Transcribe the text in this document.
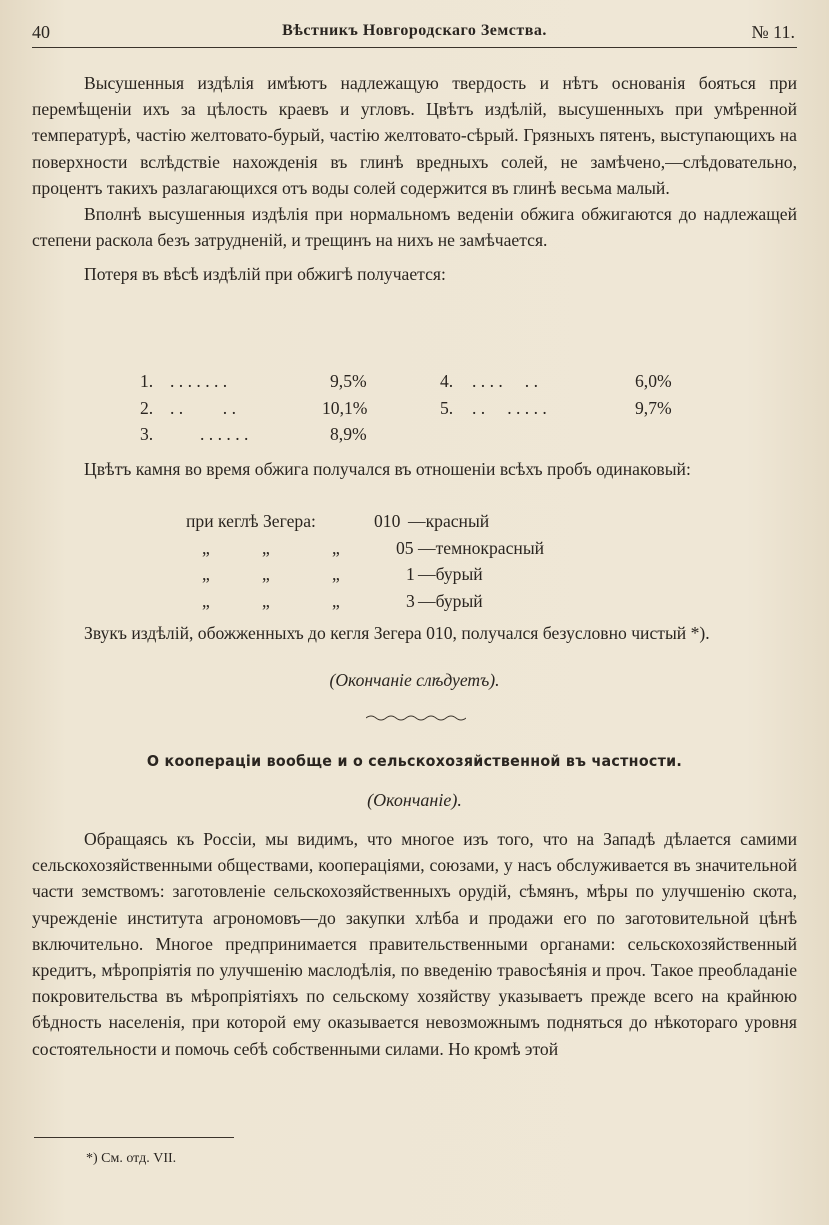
40	Вѣстникъ Новгородскаго Земства.	№ 11.

Высушенныя издѣлія имѣютъ надлежащую твердость и нѣтъ основанія бояться при перемѣщеніи ихъ за цѣлость краевъ и угловъ. Цвѣтъ издѣлій, высушенныхъ при умѣренной температурѣ, частію желтовато-бурый, частію желтовато-сѣрый. Грязныхъ пятенъ, выступающихъ на поверхности вслѣдствіе нахожденія въ глинѣ вредныхъ солей, не замѣчено,—слѣдовательно, процентъ такихъ разлагающихся отъ воды солей содержится въ глинѣ весьма малый.

Вполнѣ высушенныя издѣлія при нормальномъ веденіи обжига обжигаются до надлежащей степени раскола безъ затрудненій, и трещинъ на нихъ не замѣчается.

Потеря въ вѣсѣ издѣлій при обжигѣ получается:

1. . . . . . . .	9,5%	4. . . . .     . .	6,0%
2. . .         . .	10,1%	5. . .     . . . . .	9,7%
3.	. . . . . .	8,9%

Цвѣтъ камня во время обжига получался въ отношеніи всѣхъ пробъ одинаковый:

при кеглѣ Зегера:	010 —красный
„	„	„	05 —темнокрасный
„	„	„	1 —бурый
„	„	„	3 —бурый

Звукъ издѣлій, обожженныхъ до кегля Зегера 010, получался безусловно чистый *).

(Окончаніе слѣдуетъ).
О коопераціи вообще и о сельскохозяйственной въ частности.
(Окончаніе).

Обращаясь къ Россіи, мы видимъ, что многое изъ того, что на Западѣ дѣлается самими сельскохозяйственными обществами, коопераціями, союзами, у насъ обслуживается въ значительной части земствомъ: заготовленіе сельскохозяйственныхъ орудій, сѣмянъ, мѣры по улучшенію скота, учрежденіе института агрономовъ—до закупки хлѣба и продажи его по заготовительной цѣнѣ включительно. Многое предпринимается правительственными органами: сельскохозяйственный кредитъ, мѣропріятія по улучшенію маслодѣлія, по введенію травосѣянія и проч. Такое преобладаніе покровительства въ мѣропріятіяхъ по сельскому хозяйству указываетъ прежде всего на крайнюю бѣдность населенія, при которой ему оказывается невозможнымъ подняться до нѣкотораго уровня состоятельности и помочь себѣ собственными силами. Но кромѣ этой

*) См. отд. VII.
